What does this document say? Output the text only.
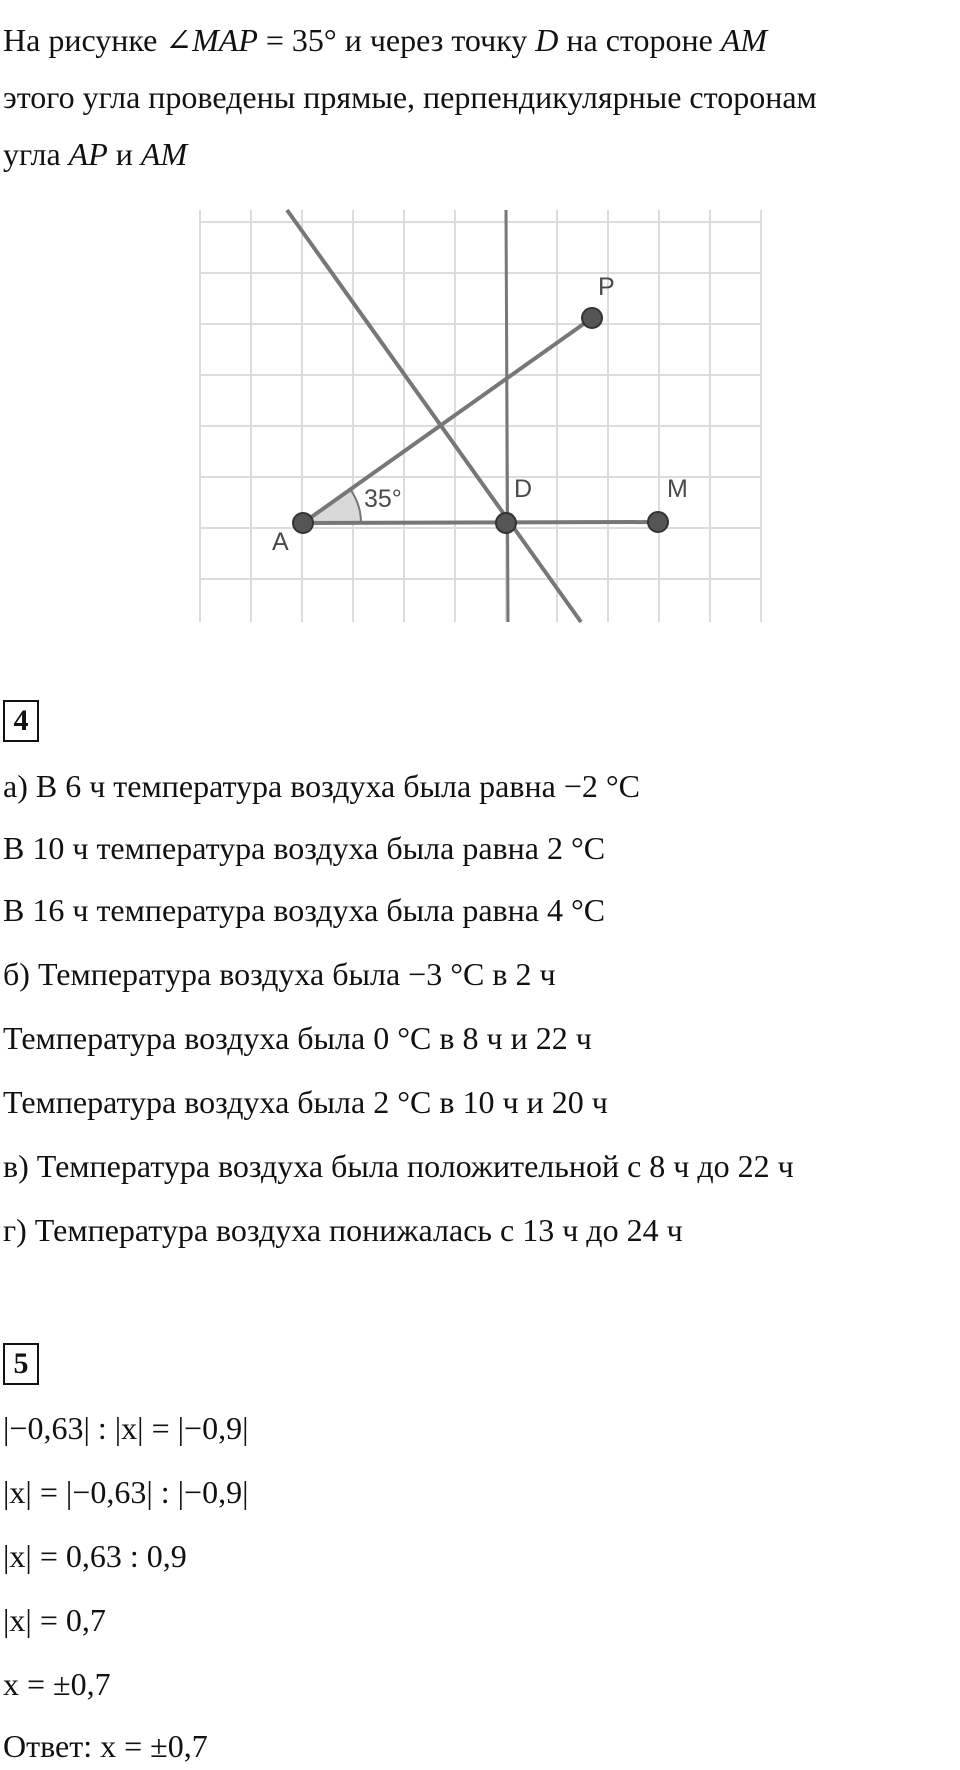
На рисунке ∠MAP = 35° и через точку D на стороне AM
этого угла проведены прямые, перпендикулярные сторонам
угла AP и AM
A
D	M
P
35°
4
а) В 6 ч температура воздуха была равна −2 °С
В 10 ч температура воздуха была равна 2 °С
В 16 ч температура воздуха была равна 4 °С
б) Температура воздуха была −3 °С в 2 ч
Температура воздуха была 0 °С в 8 ч и 22 ч
Температура воздуха была 2 °С в 10 ч и 20 ч
в) Температура воздуха была положительной с 8 ч до 22 ч
г) Температура воздуха понижалась с 13 ч до 24 ч
5
|−0,63| : |x| = |−0,9|
|x| = |−0,63| : |−0,9|
|x| = 0,63 : 0,9
|x| = 0,7
x = ±0,7
Ответ: x = ±0,7
